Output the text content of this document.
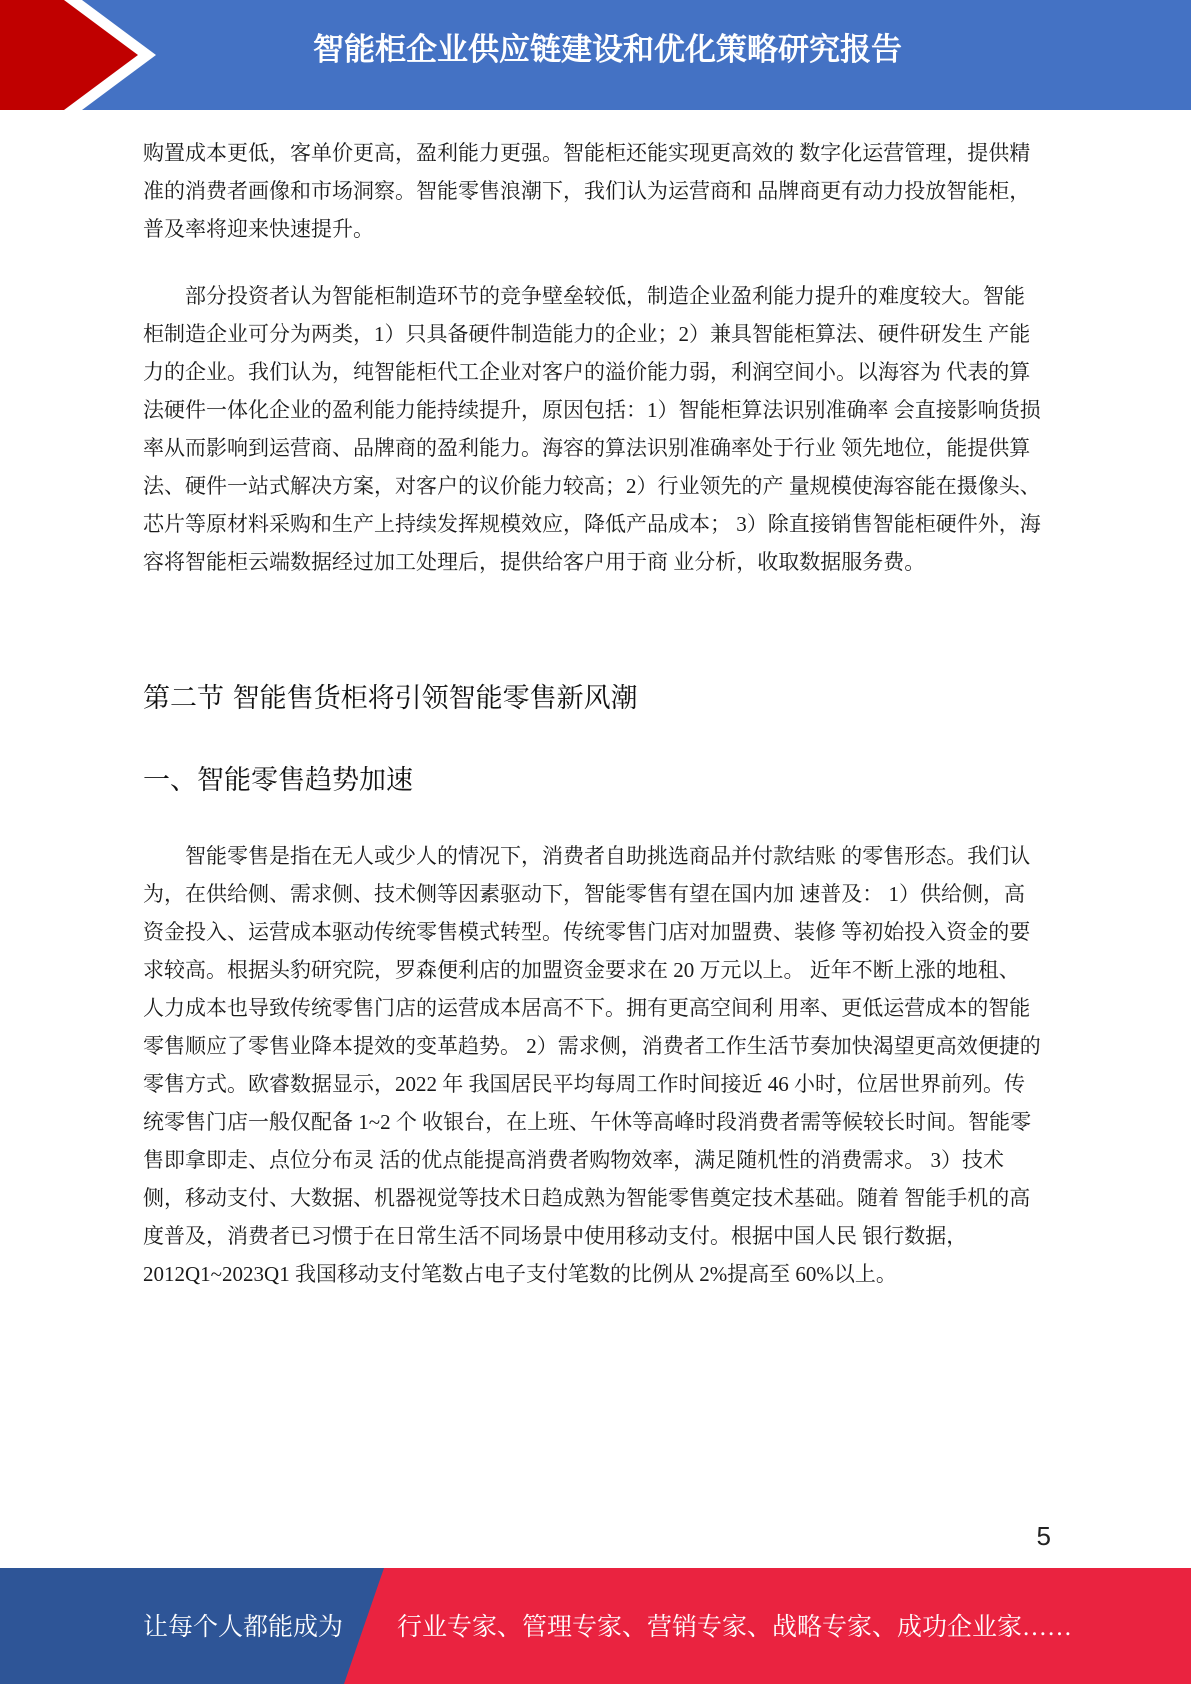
智能柜企业供应链建设和优化策略研究报告
购置成本更低，客单价更高，盈利能力更强。智能柜还能实现更高效的 数字化运营管理，提供精
准的消费者画像和市场洞察。智能零售浪潮下，我们认为运营商和 品牌商更有动力投放智能柜，
普及率将迎来快速提升。
部分投资者认为智能柜制造环节的竞争壁垒较低，制造企业盈利能力提升的难度较大。智能
柜制造企业可分为两类，1）只具备硬件制造能力的企业；2）兼具智能柜算法、硬件研发生 产能
力的企业。我们认为，纯智能柜代工企业对客户的溢价能力弱，利润空间小。以海容为 代表的算
法硬件一体化企业的盈利能力能持续提升，原因包括：1）智能柜算法识别准确率 会直接影响货损
率从而影响到运营商、品牌商的盈利能力。海容的算法识别准确率处于行业 领先地位，能提供算
法、硬件一站式解决方案，对客户的议价能力较高；2）行业领先的产 量规模使海容能在摄像头、
芯片等原材料采购和生产上持续发挥规模效应，降低产品成本； 3）除直接销售智能柜硬件外，海
容将智能柜云端数据经过加工处理后，提供给客户用于商 业分析，收取数据服务费。
第二节 智能售货柜将引领智能零售新风潮
一、智能零售趋势加速
智能零售是指在无人或少人的情况下，消费者自助挑选商品并付款结账 的零售形态。我们认
为，在供给侧、需求侧、技术侧等因素驱动下，智能零售有望在国内加 速普及： 1）供给侧，高
资金投入、运营成本驱动传统零售模式转型。传统零售门店对加盟费、装修 等初始投入资金的要
求较高。根据头豹研究院，罗森便利店的加盟资金要求在 20 万元以上。 近年不断上涨的地租、
人力成本也导致传统零售门店的运营成本居高不下。拥有更高空间利 用率、更低运营成本的智能
零售顺应了零售业降本提效的变革趋势。 2）需求侧，消费者工作生活节奏加快渴望更高效便捷的
零售方式。欧睿数据显示，2022 年 我国居民平均每周工作时间接近 46 小时，位居世界前列。传
统零售门店一般仅配备 1~2 个 收银台，在上班、午休等高峰时段消费者需等候较长时间。智能零
售即拿即走、点位分布灵 活的优点能提高消费者购物效率，满足随机性的消费需求。 3）技术
侧，移动支付、大数据、机器视觉等技术日趋成熟为智能零售奠定技术基础。随着 智能手机的高
度普及，消费者已习惯于在日常生活不同场景中使用移动支付。根据中国人民 银行数据，
2012Q1~2023Q1 我国移动支付笔数占电子支付笔数的比例从 2%提高至 60%以上。
5
让每个人都能成为 行业专家、管理专家、营销专家、战略专家、成功企业家……
